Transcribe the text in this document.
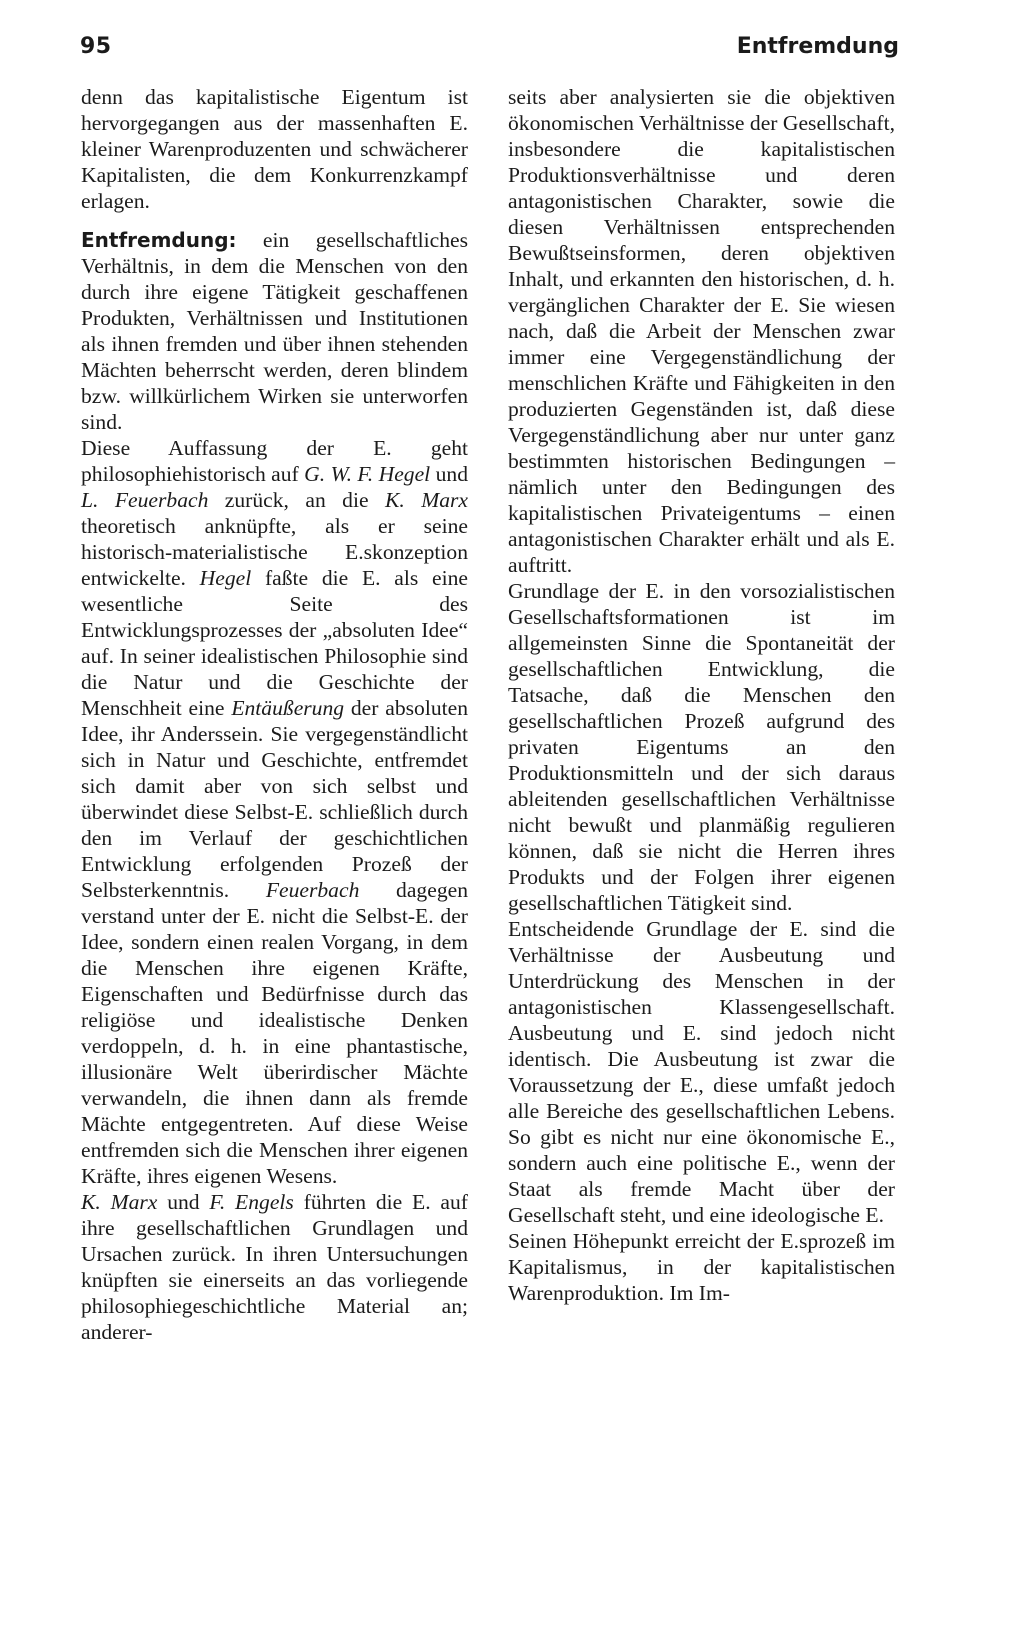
95	Entfremdung

denn das kapitalistische Eigentum ist hervorgegangen aus der massenhaften E. kleiner Warenproduzenten und schwächerer Kapitalisten, die dem Konkurrenzkampf erlagen.

Entfremdung: ein gesellschaftliches Verhältnis, in dem die Menschen von den durch ihre eigene Tätigkeit geschaffenen Produkten, Verhältnissen und Institutionen als ihnen fremden und über ihnen stehenden Mächten beherrscht werden, deren blindem bzw. willkürlichem Wirken sie unterworfen sind.

Diese Auffassung der E. geht philosophiehistorisch auf G. W. F. Hegel und L. Feuerbach zurück, an die K. Marx theoretisch anknüpfte, als er seine historisch-materialistische E.skonzeption entwickelte. Hegel faßte die E. als eine wesentliche Seite des Entwicklungsprozesses der „absoluten Idee“ auf. In seiner idealistischen Philosophie sind die Natur und die Geschichte der Menschheit eine Entäußerung der absoluten Idee, ihr Anderssein. Sie vergegenständlicht sich in Natur und Geschichte, entfremdet sich damit aber von sich selbst und überwindet diese Selbst-E. schließlich durch den im Verlauf der geschichtlichen Entwicklung erfolgenden Prozeß der Selbsterkenntnis. Feuerbach dagegen verstand unter der E. nicht die Selbst-E. der Idee, sondern einen realen Vorgang, in dem die Menschen ihre eigenen Kräfte, Eigenschaften und Bedürfnisse durch das religiöse und idealistische Denken verdoppeln, d. h. in eine phantastische, illusionäre Welt überirdischer Mächte verwandeln, die ihnen dann als fremde Mächte entgegentreten. Auf diese Weise entfremden sich die Menschen ihrer eigenen Kräfte, ihres eigenen Wesens.

K. Marx und F. Engels führten die E. auf ihre gesellschaftlichen Grundlagen und Ursachen zurück. In ihren Untersuchungen knüpften sie einerseits an das vorliegende philosophiegeschichtliche Material an; anderer-

seits aber analysierten sie die objektiven ökonomischen Verhältnisse der Gesellschaft, insbesondere die kapitalistischen Produktionsverhältnisse und deren antagonistischen Charakter, sowie die diesen Verhältnissen entsprechenden Bewußtseinsformen, deren objektiven Inhalt, und erkannten den historischen, d. h. vergänglichen Charakter der E. Sie wiesen nach, daß die Arbeit der Menschen zwar immer eine Vergegenständlichung der menschlichen Kräfte und Fähigkeiten in den produzierten Gegenständen ist, daß diese Vergegenständlichung aber nur unter ganz bestimmten historischen Bedingungen – nämlich unter den Bedingungen des kapitalistischen Privateigentums – einen antagonistischen Charakter erhält und als E. auftritt.

Grundlage der E. in den vorsozialistischen Gesellschaftsformationen ist im allgemeinsten Sinne die Spontaneität der gesellschaftlichen Entwicklung, die Tatsache, daß die Menschen den gesellschaftlichen Prozeß aufgrund des privaten Eigentums an den Produktionsmitteln und der sich daraus ableitenden gesellschaftlichen Verhältnisse nicht bewußt und planmäßig regulieren können, daß sie nicht die Herren ihres Produkts und der Folgen ihrer eigenen gesellschaftlichen Tätigkeit sind.

Entscheidende Grundlage der E. sind die Verhältnisse der Ausbeutung und Unterdrückung des Menschen in der antagonistischen Klassengesellschaft. Ausbeutung und E. sind jedoch nicht identisch. Die Ausbeutung ist zwar die Voraussetzung der E., diese umfaßt jedoch alle Bereiche des gesellschaftlichen Lebens. So gibt es nicht nur eine ökonomische E., sondern auch eine politische E., wenn der Staat als fremde Macht über der Gesellschaft steht, und eine ideologische E.

Seinen Höhepunkt erreicht der E.sprozeß im Kapitalismus, in der kapitalistischen Warenproduktion. Im Im-
